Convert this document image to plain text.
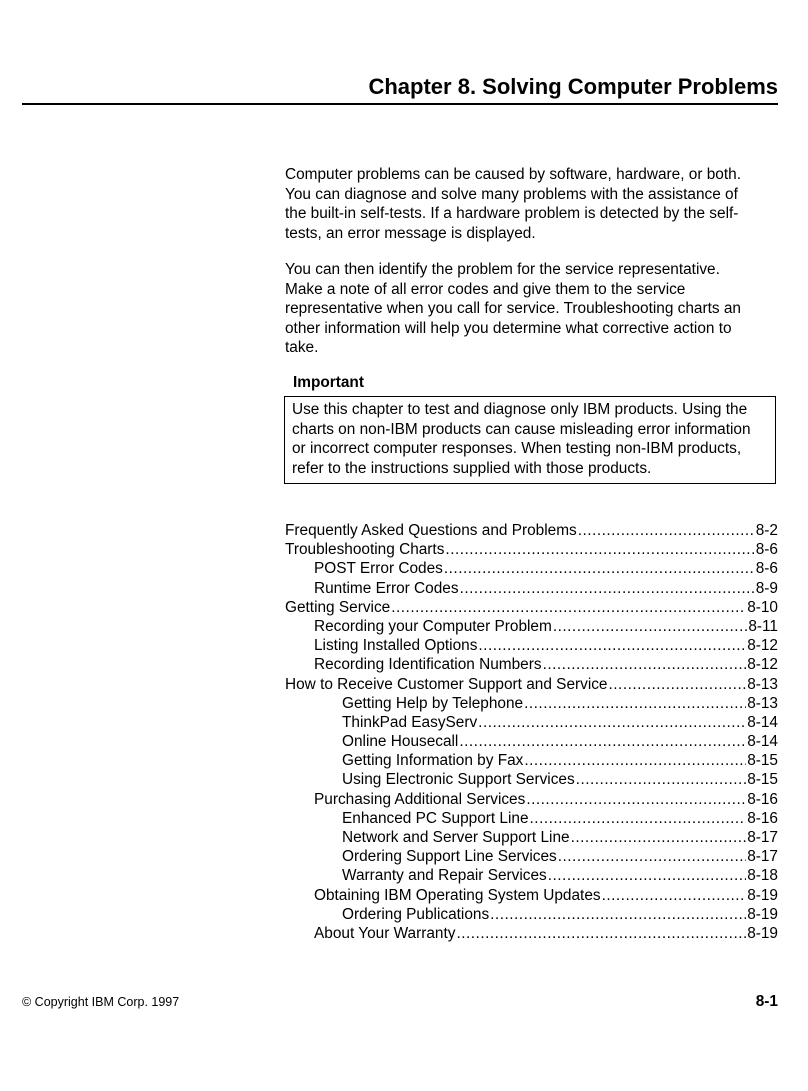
Chapter 8. Solving Computer Problems
Computer problems can be caused by software, hardware, or both.
You can diagnose and solve many problems with the assistance of
the built-in self-tests. If a hardware problem is detected by the self-
tests, an error message is displayed.
You can then identify the problem for the service representative.
Make a note of all error codes and give them to the service
representative when you call for service. Troubleshooting charts an
other information will help you determine what corrective action to
take.
Important
Use this chapter to test and diagnose only IBM products. Using the
charts on non-IBM products can cause misleading error information
or incorrect computer responses. When testing non-IBM products,
refer to the instructions supplied with those products.
Frequently Asked Questions and Problems .....	8-2
Troubleshooting Charts .....	8-6
POST Error Codes .....	8-6
Runtime Error Codes .....	8-9
Getting Service .....	8-10
Recording your Computer Problem .....	8-11
Listing Installed Options .....	8-12
Recording Identification Numbers .....	8-12
How to Receive Customer Support and Service .....	8-13
Getting Help by Telephone .....	8-13
ThinkPad EasyServ .....	8-14
Online Housecall .....	8-14
Getting Information by Fax .....	8-15
Using Electronic Support Services .....	8-15
Purchasing Additional Services .....	8-16
Enhanced PC Support Line .....	8-16
Network and Server Support Line .....	8-17
Ordering Support Line Services .....	8-17
Warranty and Repair Services .....	8-18
Obtaining IBM Operating System Updates .....	8-19
Ordering Publications .....	8-19
About Your Warranty .....	8-19
© Copyright IBM Corp. 1997	8-1
